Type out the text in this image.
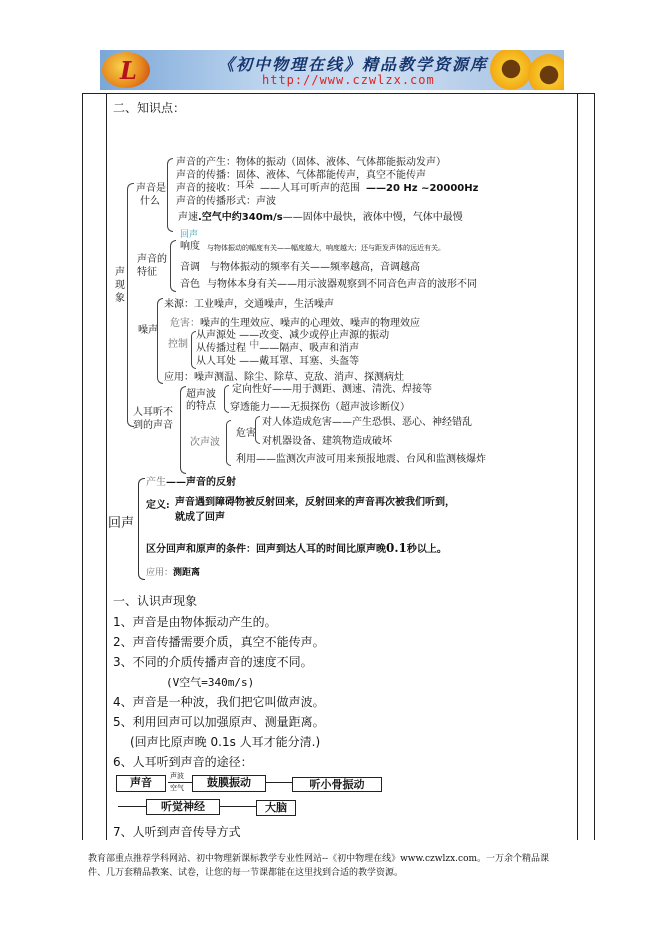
L	《初中物理在线》精品教学资源库
http://www.czwlzx.com
二、知识点：
声
现
象
声音是
什么
声音的产生：物体的振动（固体、液体、气体都能振动发声）
声音的传播：固体、液体、气体都能传声，真空不能传声
声音的接收：耳朵 ——人耳可听声的范围 ——20 Hz ~20000Hz
声音的传播形式：声波
声速.空气中约340m/s——固体中最快，液体中慢，气体中最慢
回声
声音的
特征
响度 与物体振动的幅度有关——幅度越大，响度越大；还与距发声体的远近有关。
音调 与物体振动的频率有关——频率越高，音调越高
音色 与物体本身有关——用示波器观察到不同音色声音的波形不同
噪声
来源：工业噪声，交通噪声，生活噪声
危害：噪声的生理效应、噪声的心理效、噪声的物理效应
控制
从声源处 ——改变、减少或停止声源的振动
从传播过程 中——隔声、吸声和消声
从人耳处 ——戴耳罩、耳塞、头盔等
应用：噪声测温、除尘、除草、克敌、消声、探测病灶
人耳听不
到的声音
超声波
的特点
定向性好——用于测距、测速、清洗、焊接等
穿透能力——无损探伤（超声波诊断仪）
次声波
危害
对人体造成危害——产生恐惧、恶心、神经错乱
对机器设备、建筑物造成破坏
利用——监测次声波可用来预报地震、台风和监测核爆炸
回声
产生——声音的反射
定义: 声音遇到障碍物被反射回来，反射回来的声音再次被我们听到，
就成了回声
区分回声和原声的条件：回声到达人耳的时间比原声晚0.1秒以上。
应用：测距离
一、认识声现象
1、声音是由物体振动产生的。
2、声音传播需要介质，真空不能传声。
3、不同的介质传播声音的速度不同。
(V空气=340m/s)
4、声音是一种波，我们把它叫做声波。
5、利用回声可以加强原声、测量距离。
(回声比原声晚 0.1s 人耳才能分清.)
6、人耳听到声音的途径：
7、人听到声音传导方式
声音	声波
空气	鼓膜振动	听小骨振动
听觉神经	大脑
教育部重点推荐学科网站、初中物理新课标教学专业性网站--《初中物理在线》www.czwlzx.com。一万余个精品课
件、几万套精品教案、试卷，让您的每一节课都能在这里找到合适的教学资源。
